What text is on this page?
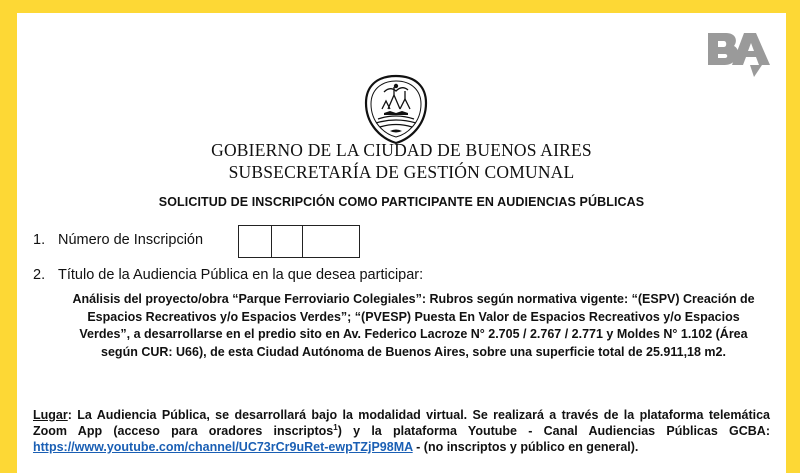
GOBIERNO DE LA CIUDAD DE BUENOS AIRES
SUBSECRETARÍA DE GESTIÓN COMUNAL
SOLICITUD DE INSCRIPCIÓN COMO PARTICIPANTE EN AUDIENCIAS PÚBLICAS
1. Número de Inscripción
2. Título de la Audiencia Pública en la que desea participar:
Análisis del proyecto/obra “Parque Ferroviario Colegiales”: Rubros según normativa vigente: “(ESPV) Creación de Espacios Recreativos y/o Espacios Verdes”; “(PVESP) Puesta En Valor de Espacios Recreativos y/o Espacios Verdes”, a desarrollarse en el predio sito en Av. Federico Lacroze N° 2.705 / 2.767 / 2.771 y Moldes N° 1.102 (Área según CUR: U66), de esta Ciudad Autónoma de Buenos Aires, sobre una superficie total de 25.911,18 m2.
Lugar: La Audiencia Pública, se desarrollará bajo la modalidad virtual. Se realizará a través de la plataforma telemática Zoom App (acceso para oradores inscriptos$^1$) y la plataforma Youtube - Canal Audiencias Públicas GCBA: https://www.youtube.com/channel/UC73rCr9uRet-ewpTZjP98MA - (no inscriptos y público en general).
